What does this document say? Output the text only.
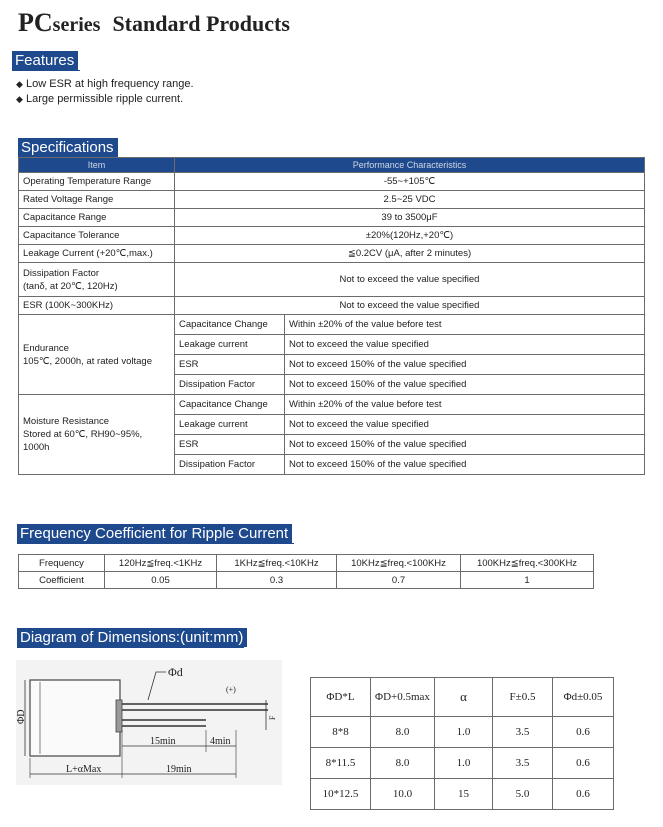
PCseries Standard Products
Features
◆ Low ESR at high frequency range.
◆ Large permissible ripple current.
Specifications
Item	Performance Characteristics	
Operating Temperature Range	-55~+105℃	
Rated Voltage Range	2.5~25 VDC	
Capacitance Range	39 to 3500μF	
Capacitance Tolerance	±20%(120Hz,+20℃)	
Leakage Current (+20℃,max.)	≦0.2CV (μA, after 2 minutes)	
Dissipation Factor
(tanδ, at 20℃, 120Hz)	Not to exceed the value specified	
ESR (100K~300KHz)	Not to exceed the value specified	
Endurance
105℃, 2000h, at rated voltage	Capacitance Change	Within ±20% of the value before test
	Leakage current	Not to exceed the value specified
	ESR	Not to exceed 150% of the value specified
	Dissipation Factor	Not to exceed 150% of the value specified
Moisture Resistance
Stored at 60℃, RH90~95%,
1000h	Capacitance Change	Within ±20% of the value before test
	Leakage current	Not to exceed the value specified
	ESR	Not to exceed 150% of the value specified
	Dissipation Factor	Not to exceed 150% of the value specified
Frequency Coefficient for Ripple Current
Frequency	120Hz≦freq.<1KHz	1KHz≦freq.<10KHz	10KHz≦freq.<100KHz	100KHz≦freq.<300KHz
Coefficient	0.05	0.3	0.7	1
Diagram of Dimensions:(unit:mm)
Φd
(+)
F
ΦD
15min	4min
L+αMax	19min
ΦD*L	ΦD+0.5max	α	F±0.5	Φd±0.05
8*8	8.0	1.0	3.5	0.6
8*11.5	8.0	1.0	3.5	0.6
10*12.5	10.0	15	5.0	0.6
